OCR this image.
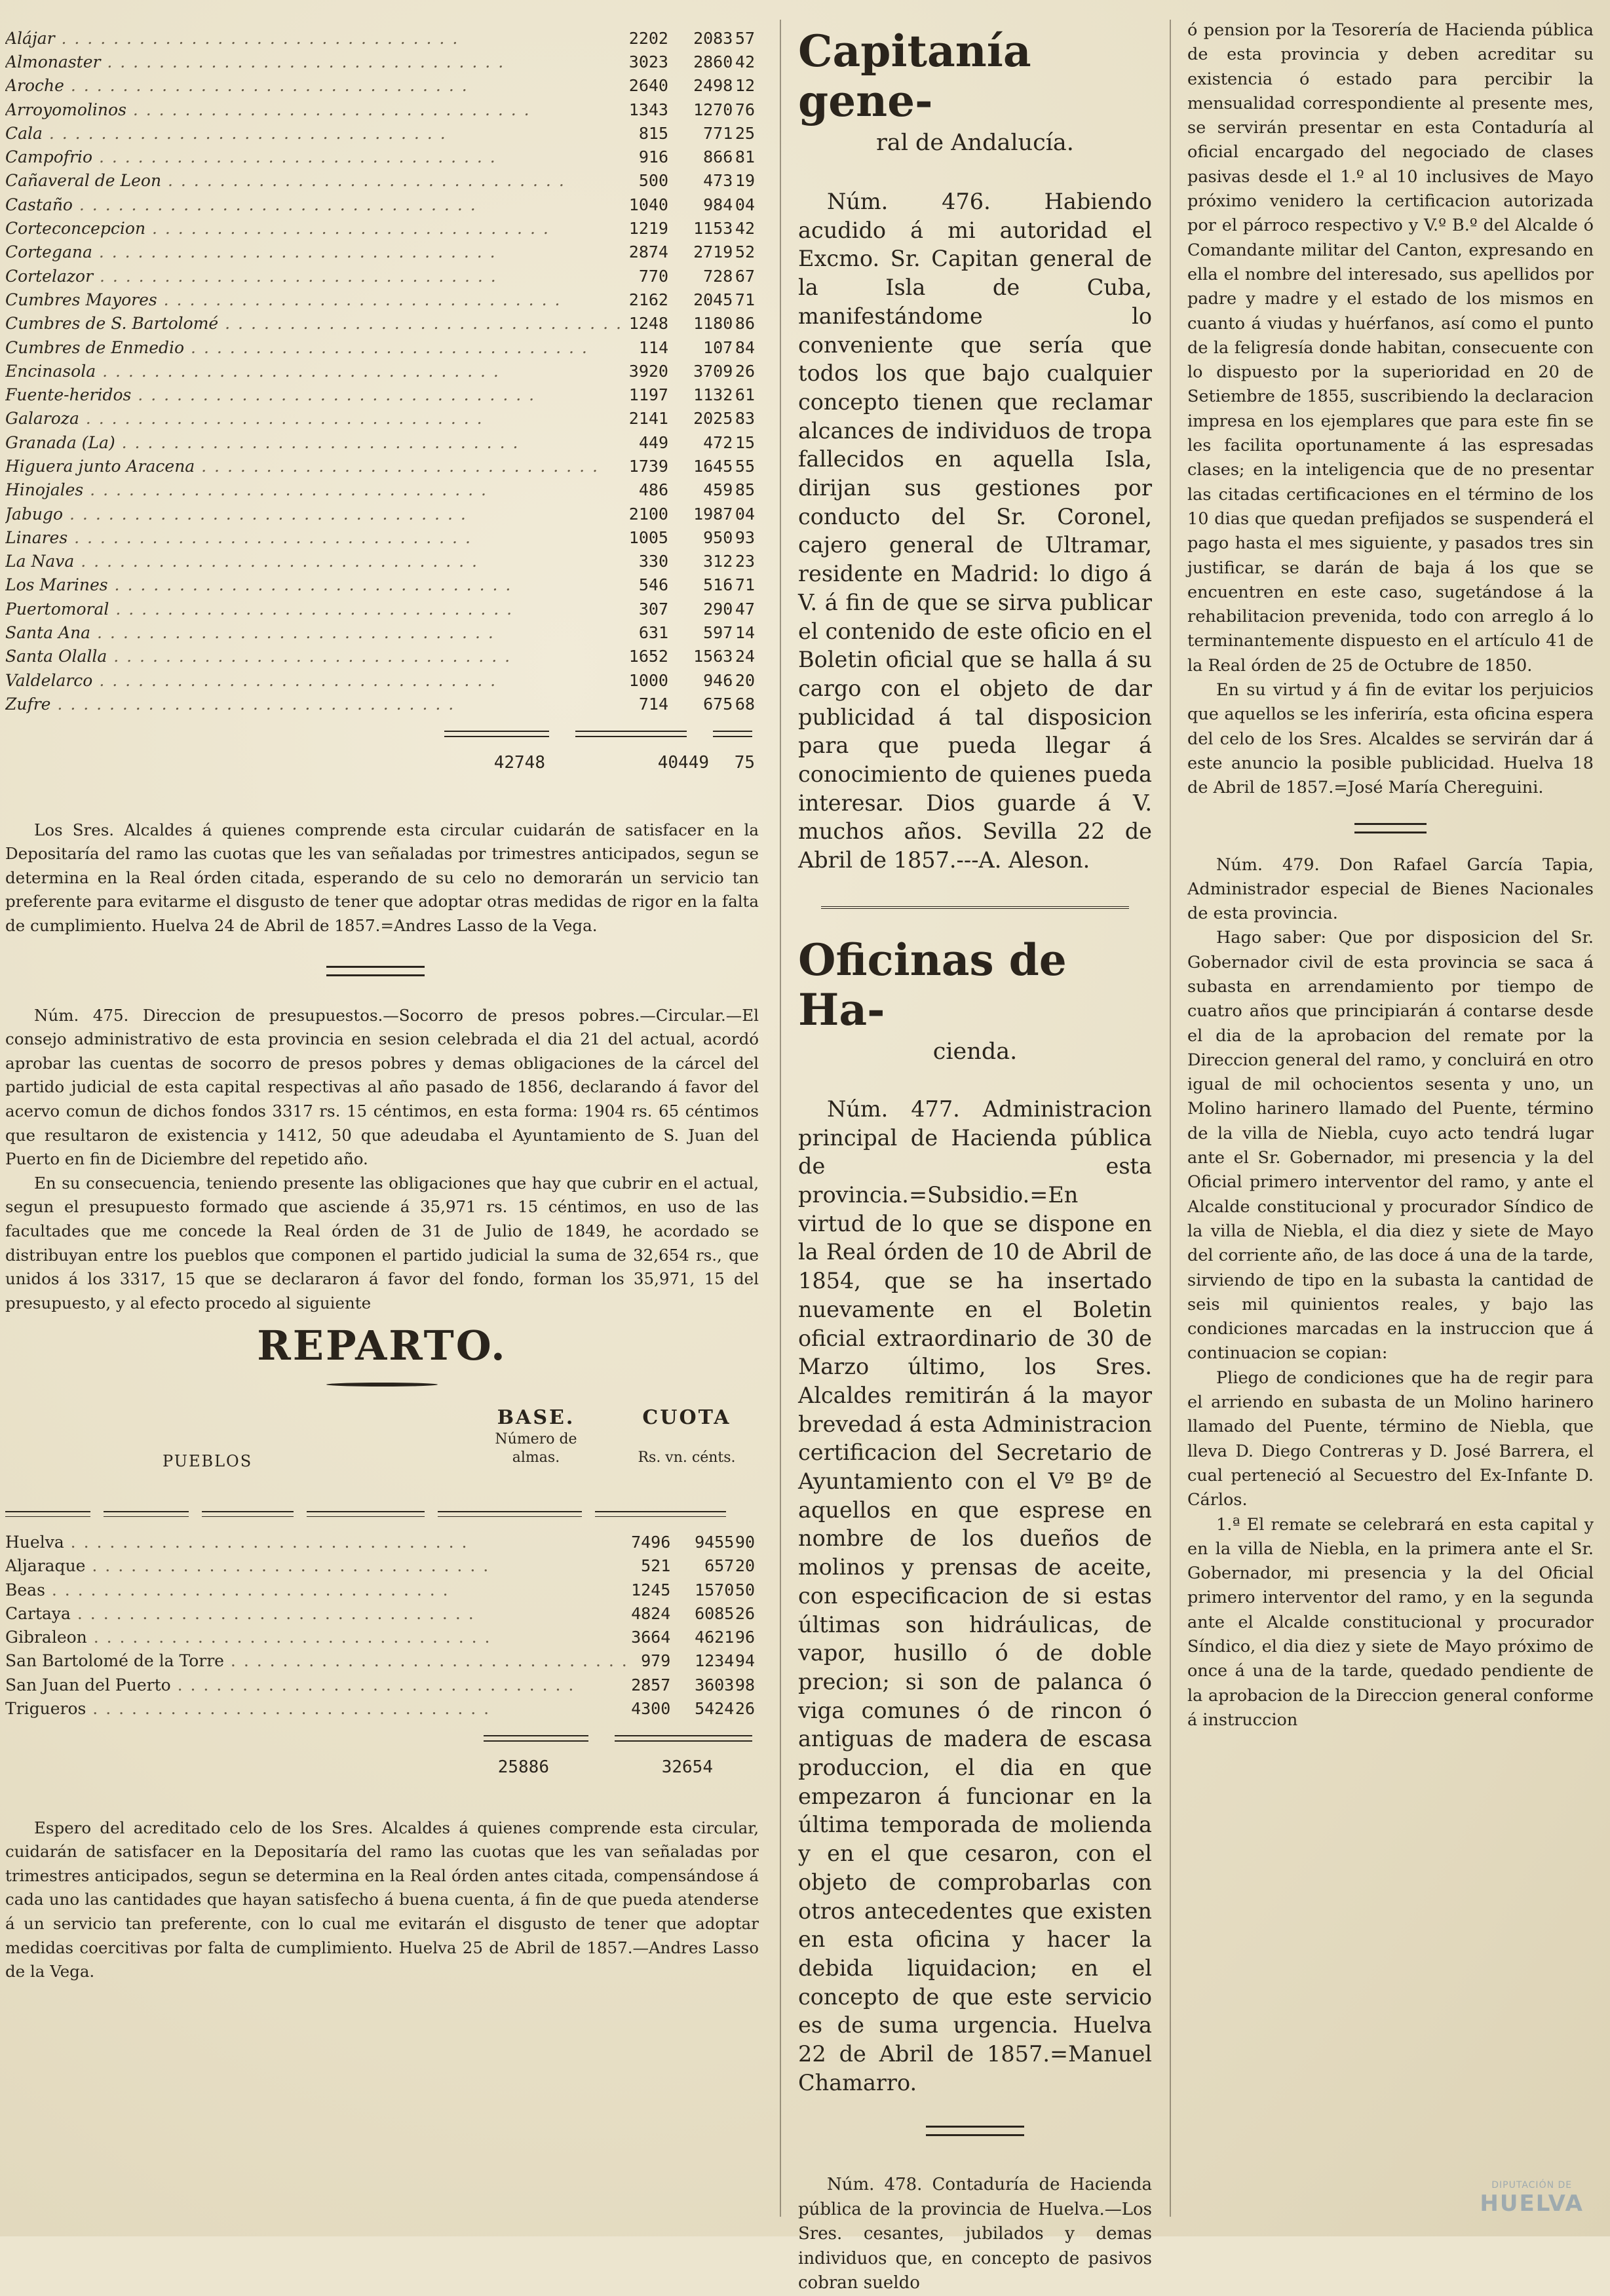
Alájar . . .	2202	2083	57
Almonaster . . .	3023	2860	42
Aroche . . .	2640	2498	12
Arroyomolinos . . .	1343	1270	76
Cala . . .	815	771	25
Campofrio . . .	916	866	81
Cañaveral de Leon . . .	500	473	19
Castaño . . .	1040	984	04
Corteconcepcion . . .	1219	1153	42
Cortegana . . .	2874	2719	52
Cortelazor . . .	770	728	67
Cumbres Mayores . . .	2162	2045	71
Cumbres de S. Bartolomé . . .	1248	1180	86
Cumbres de Enmedio . . .	114	107	84
Encinasola . . .	3920	3709	26
Fuente-heridos . . .	1197	1132	61
Galaroza . . .	2141	2025	83
Granada (La) . . .	449	472	15
Higuera junto Aracena . . .	1739	1645	55
Hinojales . . .	486	459	85
Jabugo . . .	2100	1987	04
Linares . . .	1005	950	93
La Nava . . .	330	312	23
Los Marines . . .	546	516	71
Puertomoral . . .	307	290	47
Santa Ana . . .	631	597	14
Santa Olalla . . .	1652	1563	24
Valdelarco . . .	1000	946	20
Zufre . . .	714	675	68
42748	40449	75

Los Sres. Alcaldes á quienes comprende esta circular cuidarán de satisfacer en la Depositaría del ramo las cuotas que les van señaladas por trimestres anticipados, segun se determina en la Real órden citada, esperando de su celo no demorarán un servicio tan preferente para evitarme el disgusto de tener que adoptar otras medidas de rigor en la falta de cumplimiento. Huelva 24 de Abril de 1857.=Andres Lasso de la Vega.

Núm. 475. Direccion de presupuestos.—Socorro de presos pobres.—Circular.—El consejo administrativo de esta provincia en sesion celebrada el dia 21 del actual, acordó aprobar las cuentas de socorro de presos pobres y demas obligaciones de la cárcel del partido judicial de esta capital respectivas al año pasado de 1856, declarando á favor del acervo comun de dichos fondos 3317 rs. 15 céntimos, en esta forma: 1904 rs. 65 céntimos que resultaron de existencia y 1412, 50 que adeudaba el Ayuntamiento de S. Juan del Puerto en fin de Diciembre del repetido año.

En su consecuencia, teniendo presente las obligaciones que hay que cubrir en el actual, segun el presupuesto formado que asciende á 35,971 rs. 15 céntimos, en uso de las facultades que me concede la Real órden de 31 de Julio de 1849, he acordado se distribuyan entre los pueblos que componen el partido judicial la suma de 32,654 rs., que unidos á los 3317, 15 que se declararon á favor del fondo, forman los 35,971, 15 del presupuesto, y al efecto procedo al siguiente

REPARTO.
PUEBLOS
BASE.
Número de almas.
CUOTA

Rs. vn. cénts.
Huelva . . .	7496	9455	90
Aljaraque . . .	521	657	20
Beas . . .	1245	1570	50
Cartaya . . .	4824	6085	26
Gibraleon . . .	3664	4621	96
San Bartolomé de la Torre . . .	979	1234	94
San Juan del Puerto . . .	2857	3603	98
Trigueros . . .	4300	5424	26
25886	32654

Espero del acreditado celo de los Sres. Alcaldes á quienes comprende esta circular, cuidarán de satisfacer en la Depositaría del ramo las cuotas que les van señaladas por trimestres anticipados, segun se determina en la Real órden antes citada, compensándose á cada uno las cantidades que hayan satisfecho á buena cuenta, á fin de que pueda atenderse á un servicio tan preferente, con lo cual me evitarán el disgusto de tener que adoptar medidas coercitivas por falta de cumplimiento. Huelva 25 de Abril de 1857.—Andres Lasso de la Vega.

Capitanía gene-
ral de Andalucía.

Núm. 476. Habiendo acudido á mi autoridad el Excmo. Sr. Capitan general de la Isla de Cuba, manifestándome lo conveniente que sería que todos los que bajo cualquier concepto tienen que reclamar alcances de individuos de tropa fallecidos en aquella Isla, dirijan sus gestiones por conducto del Sr. Coronel, cajero general de Ultramar, residente en Madrid: lo digo á V. á fin de que se sirva publicar el contenido de este oficio en el Boletin oficial que se halla á su cargo con el objeto de dar publicidad á tal disposicion para que pueda llegar á conocimiento de quienes pueda interesar. Dios guarde á V. muchos años. Sevilla 22 de Abril de 1857.---A. Aleson.

Oficinas de Ha-
cienda.

Núm. 477. Administracion principal de Hacienda pública de esta provincia.=Subsidio.=En virtud de lo que se dispone en la Real órden de 10 de Abril de 1854, que se ha insertado nuevamente en el Boletin oficial extraordinario de 30 de Marzo último, los Sres. Alcaldes remitirán á la mayor brevedad á esta Administracion certificacion del Secretario de Ayuntamiento con el Vº Bº de aquellos en que esprese en nombre de los dueños de molinos y prensas de aceite, con especificacion de si estas últimas son hidráulicas, de vapor, husillo ó de doble precion; si son de palanca ó viga comunes ó de rincon ó antiguas de madera de escasa produccion, el dia en que empezaron á funcionar en la última temporada de molienda y en el que cesaron, con el objeto de comprobarlas con otros antecedentes que existen en esta oficina y hacer la debida liquidacion; en el concepto de que este servicio es de suma urgencia. Huelva 22 de Abril de 1857.=Manuel Chamarro.

Núm. 478. Contaduría de Hacienda pública de la provincia de Huelva.—Los Sres. cesantes, jubilados y demas individuos que, en concepto de pasivos cobran sueldo

ó pension por la Tesorería de Hacienda pública de esta provincia y deben acreditar su existencia ó estado para percibir la mensualidad correspondiente al presente mes, se servirán presentar en esta Contaduría al oficial encargado del negociado de clases pasivas desde el 1.º al 10 inclusives de Mayo próximo venidero la certificacion autorizada por el párroco respectivo y V.º B.º del Alcalde ó Comandante militar del Canton, expresando en ella el nombre del interesado, sus apellidos por padre y madre y el estado de los mismos en cuanto á viudas y huérfanos, así como el punto de la feligresía donde habitan, consecuente con lo dispuesto por la superioridad en 20 de Setiembre de 1855, suscribiendo la declaracion impresa en los ejemplares que para este fin se les facilita oportunamente á las espresadas clases; en la inteligencia que de no presentar las citadas certificaciones en el término de los 10 dias que quedan prefijados se suspenderá el pago hasta el mes siguiente, y pasados tres sin justificar, se darán de baja á los que se encuentren en este caso, sugetándose á la rehabilitacion prevenida, todo con arreglo á lo terminantemente dispuesto en el artículo 41 de la Real órden de 25 de Octubre de 1850.

En su virtud y á fin de evitar los perjuicios que aquellos se les inferiría, esta oficina espera del celo de los Sres. Alcaldes se servirán dar á este anuncio la posible publicidad. Huelva 18 de Abril de 1857.=José María Chereguini.

Núm. 479. Don Rafael García Tapia, Administrador especial de Bienes Nacionales de esta provincia.

Hago saber: Que por disposicion del Sr. Gobernador civil de esta provincia se saca á subasta en arrendamiento por tiempo de cuatro años que principiarán á contarse desde el dia de la aprobacion del remate por la Direccion general del ramo, y concluirá en otro igual de mil ochocientos sesenta y uno, un Molino harinero llamado del Puente, término de la villa de Niebla, cuyo acto tendrá lugar ante el Sr. Gobernador, mi presencia y la del Oficial primero interventor del ramo, y ante el Alcalde constitucional y procurador Síndico de la villa de Niebla, el dia diez y siete de Mayo del corriente año, de las doce á una de la tarde, sirviendo de tipo en la subasta la cantidad de seis mil quinientos reales, y bajo las condiciones marcadas en la instruccion que á continuacion se copian:

Pliego de condiciones que ha de regir para el arriendo en subasta de un Molino harinero llamado del Puente, término de Niebla, que lleva D. Diego Contreras y D. José Barrera, el cual perteneció al Secuestro del Ex-Infante D. Cárlos.

1.ª El remate se celebrará en esta capital y en la villa de Niebla, en la primera ante el Sr. Gobernador, mi presencia y la del Oficial primero interventor del ramo, y en la segunda ante el Alcalde constitucional y procurador Síndico, el dia diez y siete de Mayo próximo de once á una de la tarde, quedado pendiente de la aprobacion de la Direccion general conforme á instruccion

DIPUTACIÓN DE
HUELVA
